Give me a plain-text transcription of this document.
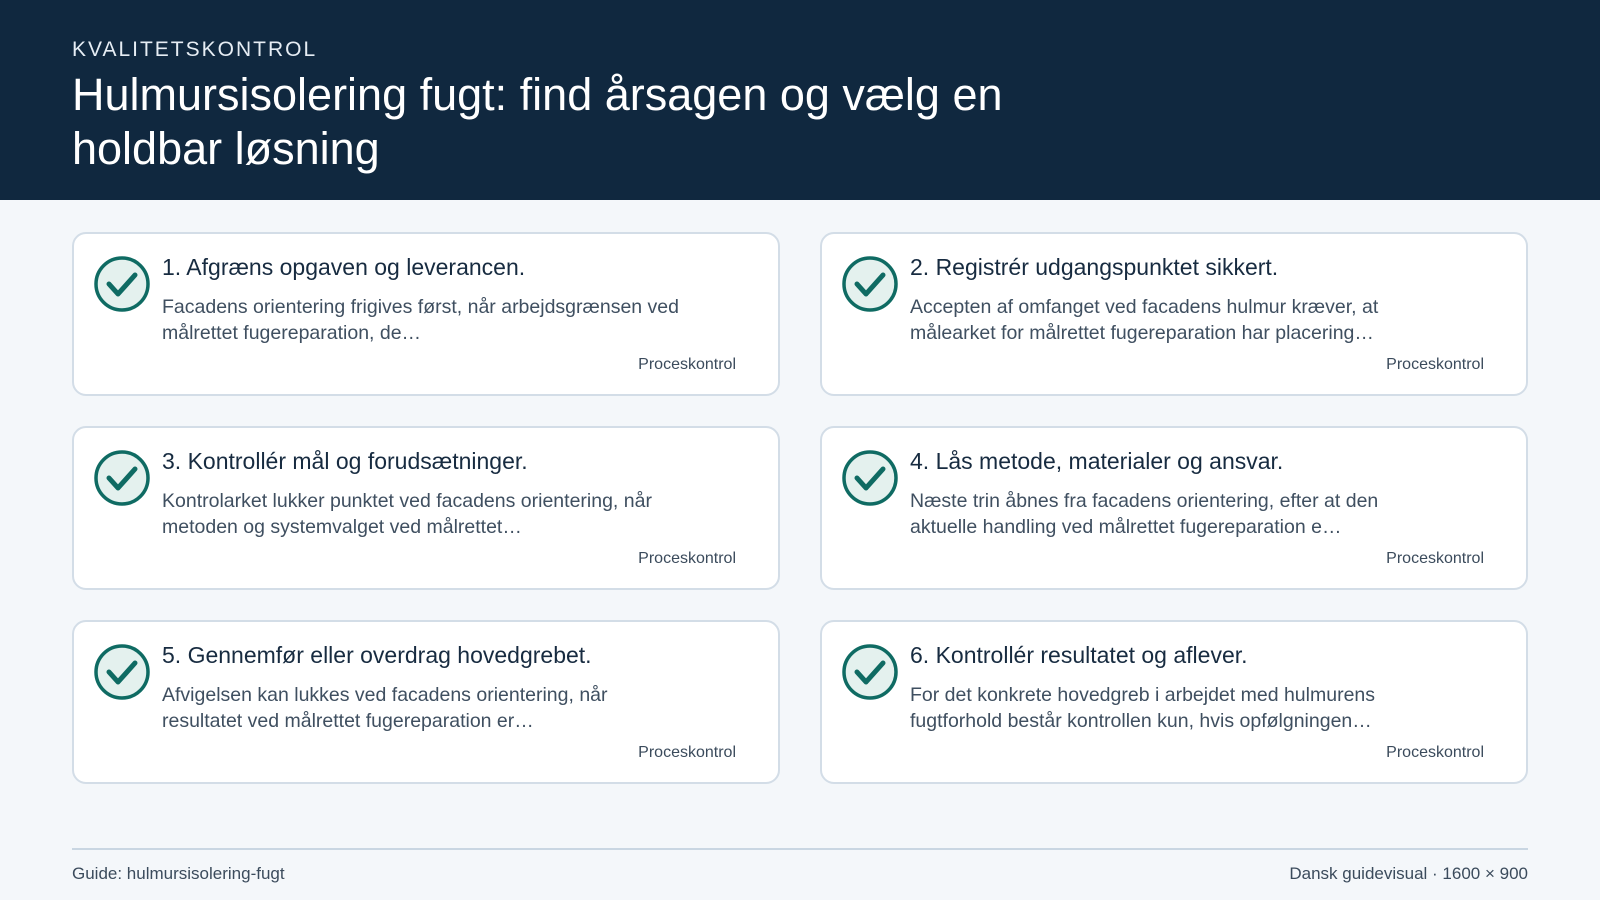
KVALITETSKONTROL
Hulmursisolering fugt: find årsagen og vælg en holdbar løsning
1. Afgræns opgaven og leverancen.
Facadens orientering frigives først, når arbejdsgrænsen ved målrettet fugereparation, de…
Proceskontrol
2. Registrér udgangspunktet sikkert.
Accepten af omfanget ved facadens hulmur kræver, at målearket for målrettet fugereparation har placering…
Proceskontrol
3. Kontrollér mål og forudsætninger.
Kontrolarket lukker punktet ved facadens orientering, når metoden og systemvalget ved målrettet…
Proceskontrol
4. Lås metode, materialer og ansvar.
Næste trin åbnes fra facadens orientering, efter at den aktuelle handling ved målrettet fugereparation e…
Proceskontrol
5. Gennemfør eller overdrag hovedgrebet.
Afvigelsen kan lukkes ved facadens orientering, når resultatet ved målrettet fugereparation er…
Proceskontrol
6. Kontrollér resultatet og aflever.
For det konkrete hovedgreb i arbejdet med hulmurens fugtforhold består kontrollen kun, hvis opfølgningen…
Proceskontrol
Guide: hulmursisolering-fugt	Dansk guidevisual · 1600 × 900
